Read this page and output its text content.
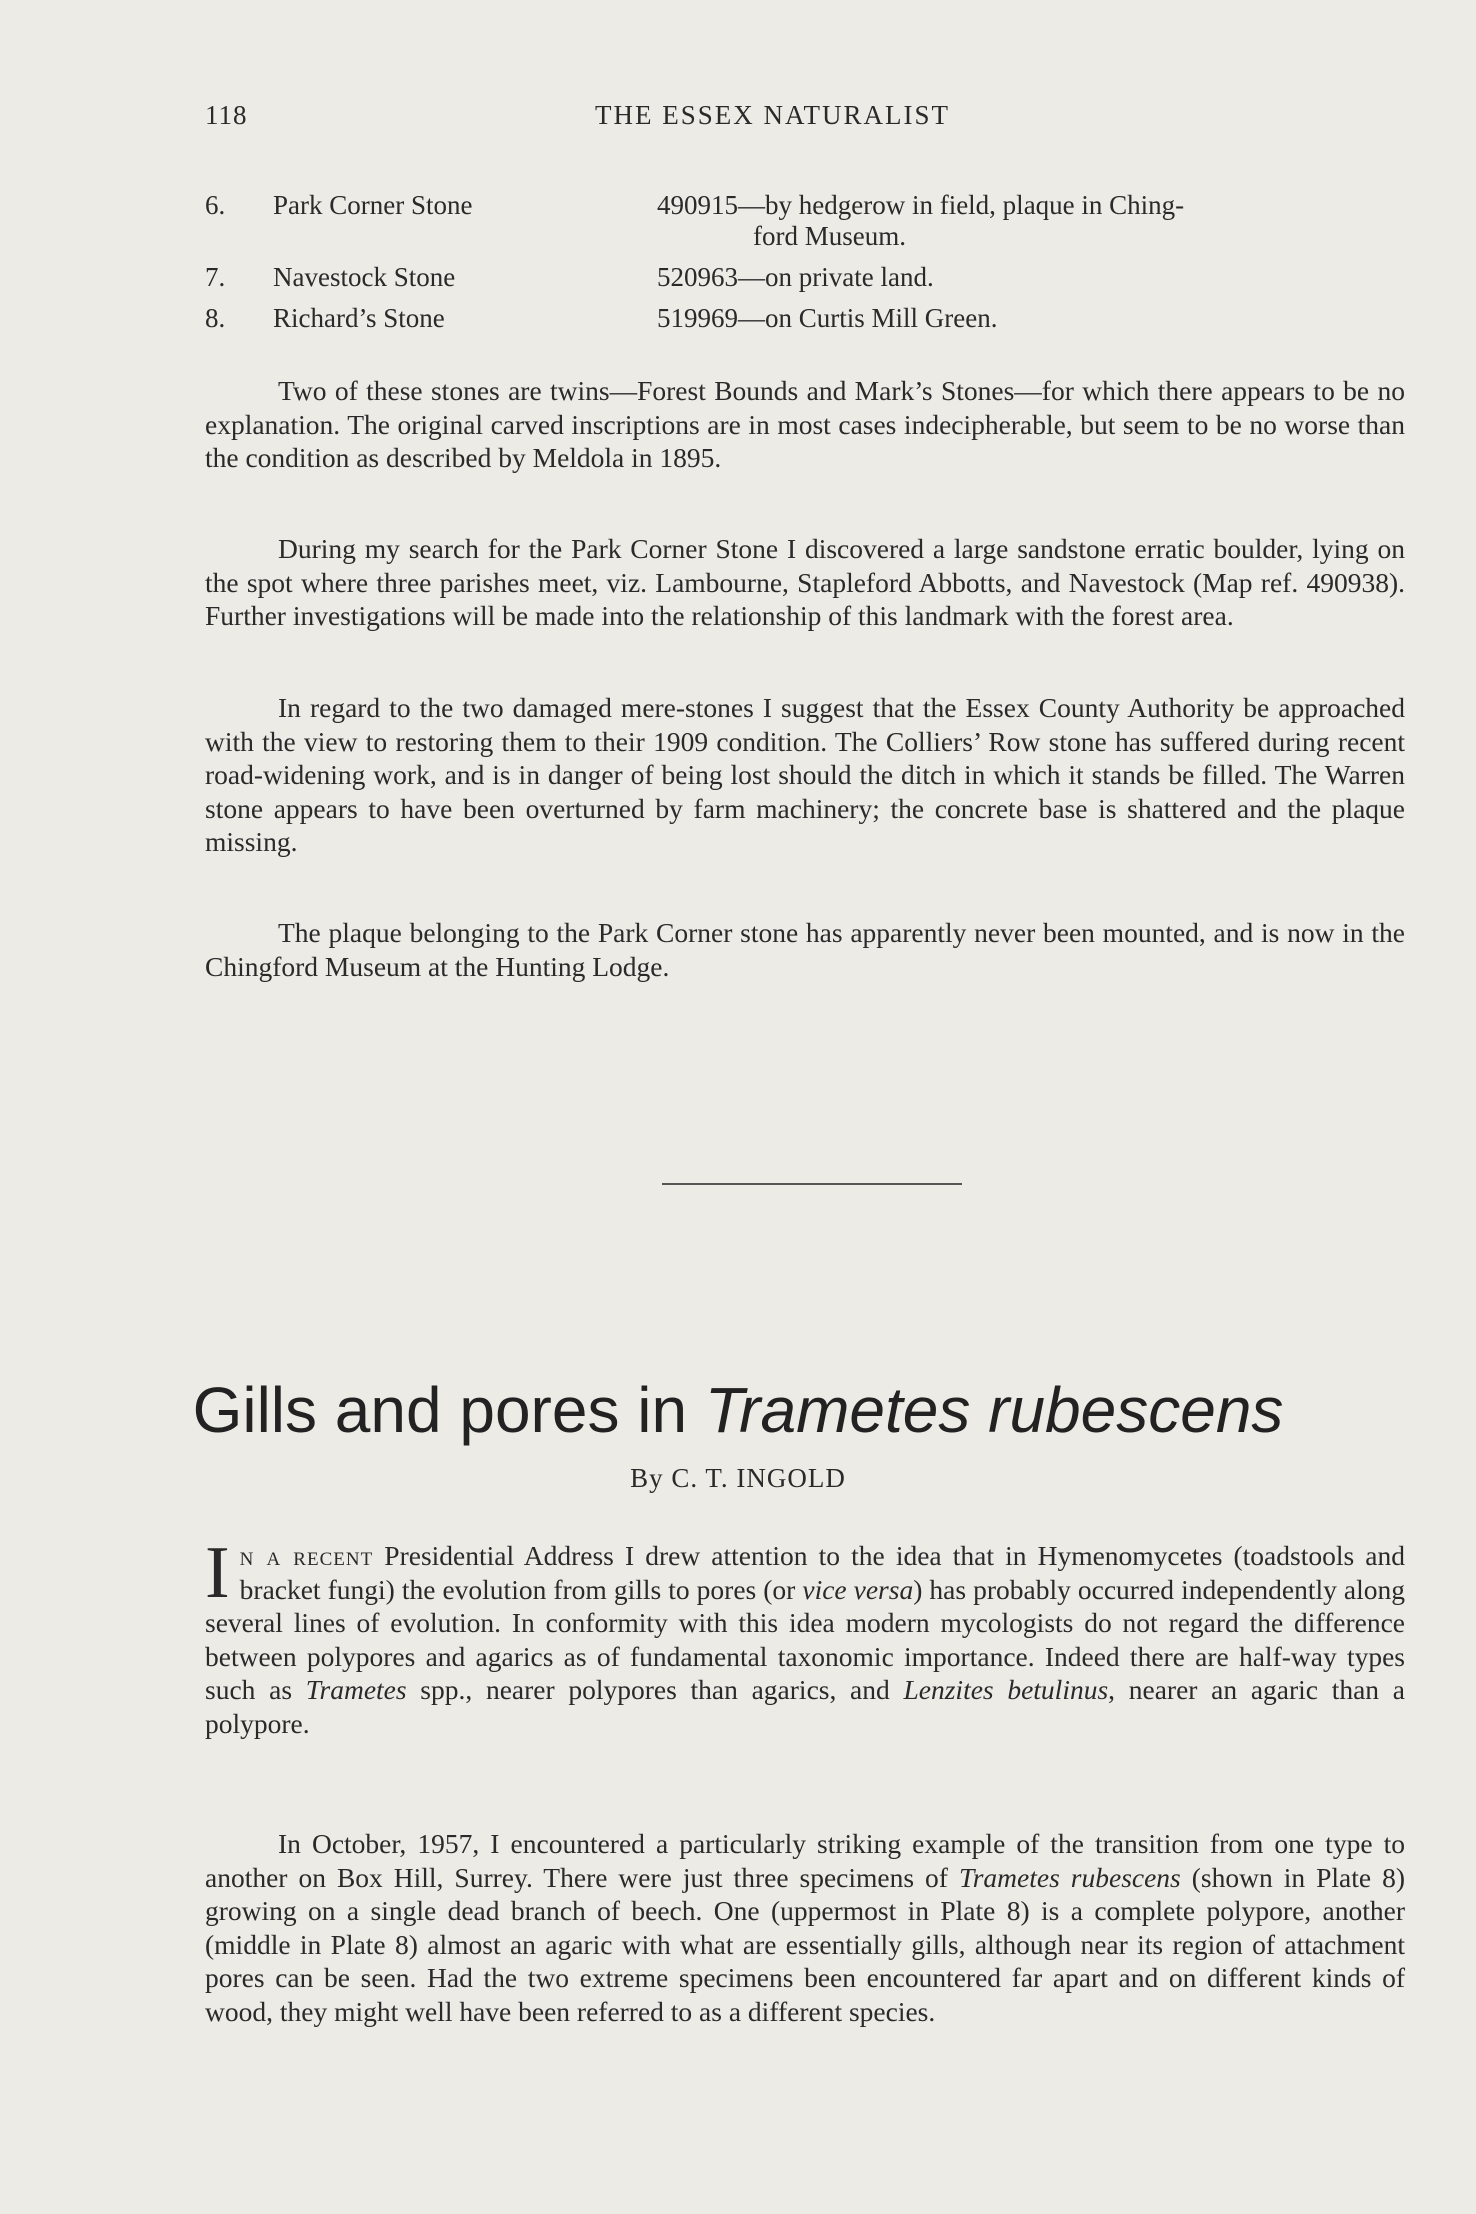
118	THE ESSEX NATURALIST
6. Park Corner Stone	490915—by hedgerow in field, plaque in Ching-
ford Museum.
7. Navestock Stone	520963—on private land.
8. Richard’s Stone	519969—on Curtis Mill Green.

Two of these stones are twins—Forest Bounds and Mark’s Stones—for which there appears to be no explanation. The original carved inscriptions are in most cases indecipherable, but seem to be no worse than the condition as described by Meldola in 1895.

During my search for the Park Corner Stone I discovered a large sandstone erratic boulder, lying on the spot where three parishes meet, viz. Lambourne, Stapleford Abbotts, and Navestock (Map ref. 490938). Further investigations will be made into the relationship of this landmark with the forest area.

In regard to the two damaged mere-stones I suggest that the Essex County Authority be approached with the view to restoring them to their 1909 condition. The Colliers’ Row stone has suffered during recent road-widening work, and is in danger of being lost should the ditch in which it stands be filled. The Warren stone appears to have been overturned by farm machinery; the concrete base is shattered and the plaque missing.

The plaque belonging to the Park Corner stone has apparently never been mounted, and is now in the Chingford Museum at the Hunting Lodge.

Gills and pores in Trametes rubescens
By C. T. INGOLD

In a recent Presidential Address I drew attention to the idea that in Hymenomycetes (toadstools and bracket fungi) the evolution from gills to pores (or vice versa) has probably occurred independently along several lines of evolution. In conformity with this idea modern mycologists do not regard the difference between polypores and agarics as of fundamental taxonomic importance. Indeed there are half-way types such as Trametes spp., nearer polypores than agarics, and Lenzites betulinus, nearer an agaric than a polypore.

In October, 1957, I encountered a particularly striking example of the transition from one type to another on Box Hill, Surrey. There were just three specimens of Trametes rubescens (shown in Plate 8) growing on a single dead branch of beech. One (uppermost in Plate 8) is a complete polypore, another (middle in Plate 8) almost an agaric with what are essentially gills, although near its region of attachment pores can be seen. Had the two extreme specimens been encountered far apart and on different kinds of wood, they might well have been referred to as a different species.
